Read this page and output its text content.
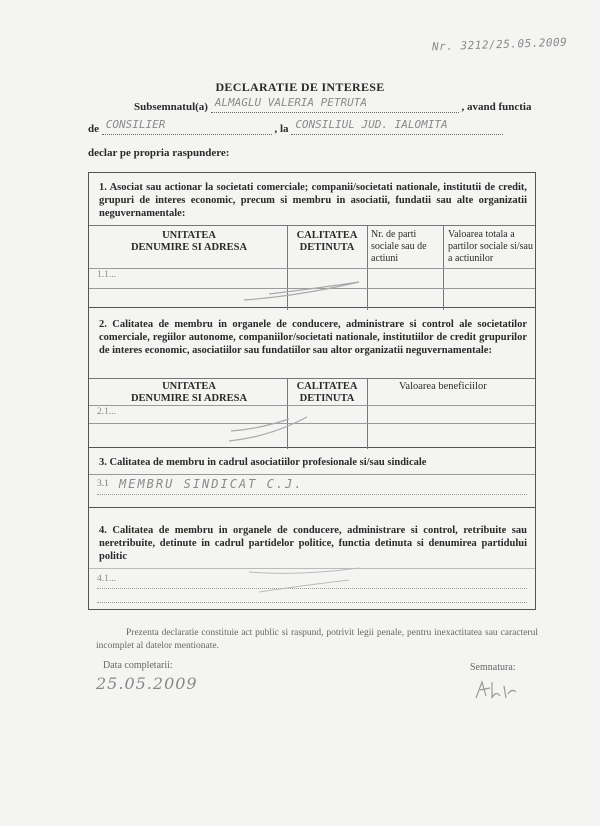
Nr. 3212/25.05.2009
DECLARATIE DE INTERESE
Subsemnatul(a) ALMAGLU VALERIA PETRUTA	, avand functia
de CONSILIER	, la CONSILIUL JUD. IALOMITA
declar pe propria raspundere:
1. Asociat sau actionar la societati comerciale; companii/societati nationale, institutii de credit, grupuri de interes economic, precum si membru in asociatii, fundatii sau alte organizatii neguvernamentale:
UNITATEA
DENUMIRE SI ADRESA
CALITATEA
DETINUTA
Nr. de parti sociale sau de actiuni
Valoarea totala a partilor sociale si/sau a actiunilor
1.1...
2. Calitatea de membru in organele de conducere, administrare si control ale societatilor comerciale, regiilor autonome, companiilor/societati nationale, institutiilor de credit grupurilor de interes economic, asociatiilor sau fundatiilor sau altor organizatii neguvernamentale:
UNITATEA
DENUMIRE SI ADRESA
CALITATEA
DETINUTA
Valoarea beneficiilor
2.1...
3. Calitatea de membru in cadrul asociatiilor profesionale si/sau sindicale
3.1 MEMBRU SINDICAT C.J.
4. Calitatea de membru in organele de conducere, administrare si control, retribuite sau neretribuite, detinute in cadrul partidelor politice, functia detinuta si denumirea partidului politic
4.1...
Prezenta declaratie constituie act public si raspund, potrivit legii penale, pentru inexactitatea sau caracterul incomplet al datelor mentionate.
Data completarii:
25.05.2009
Semnatura:
